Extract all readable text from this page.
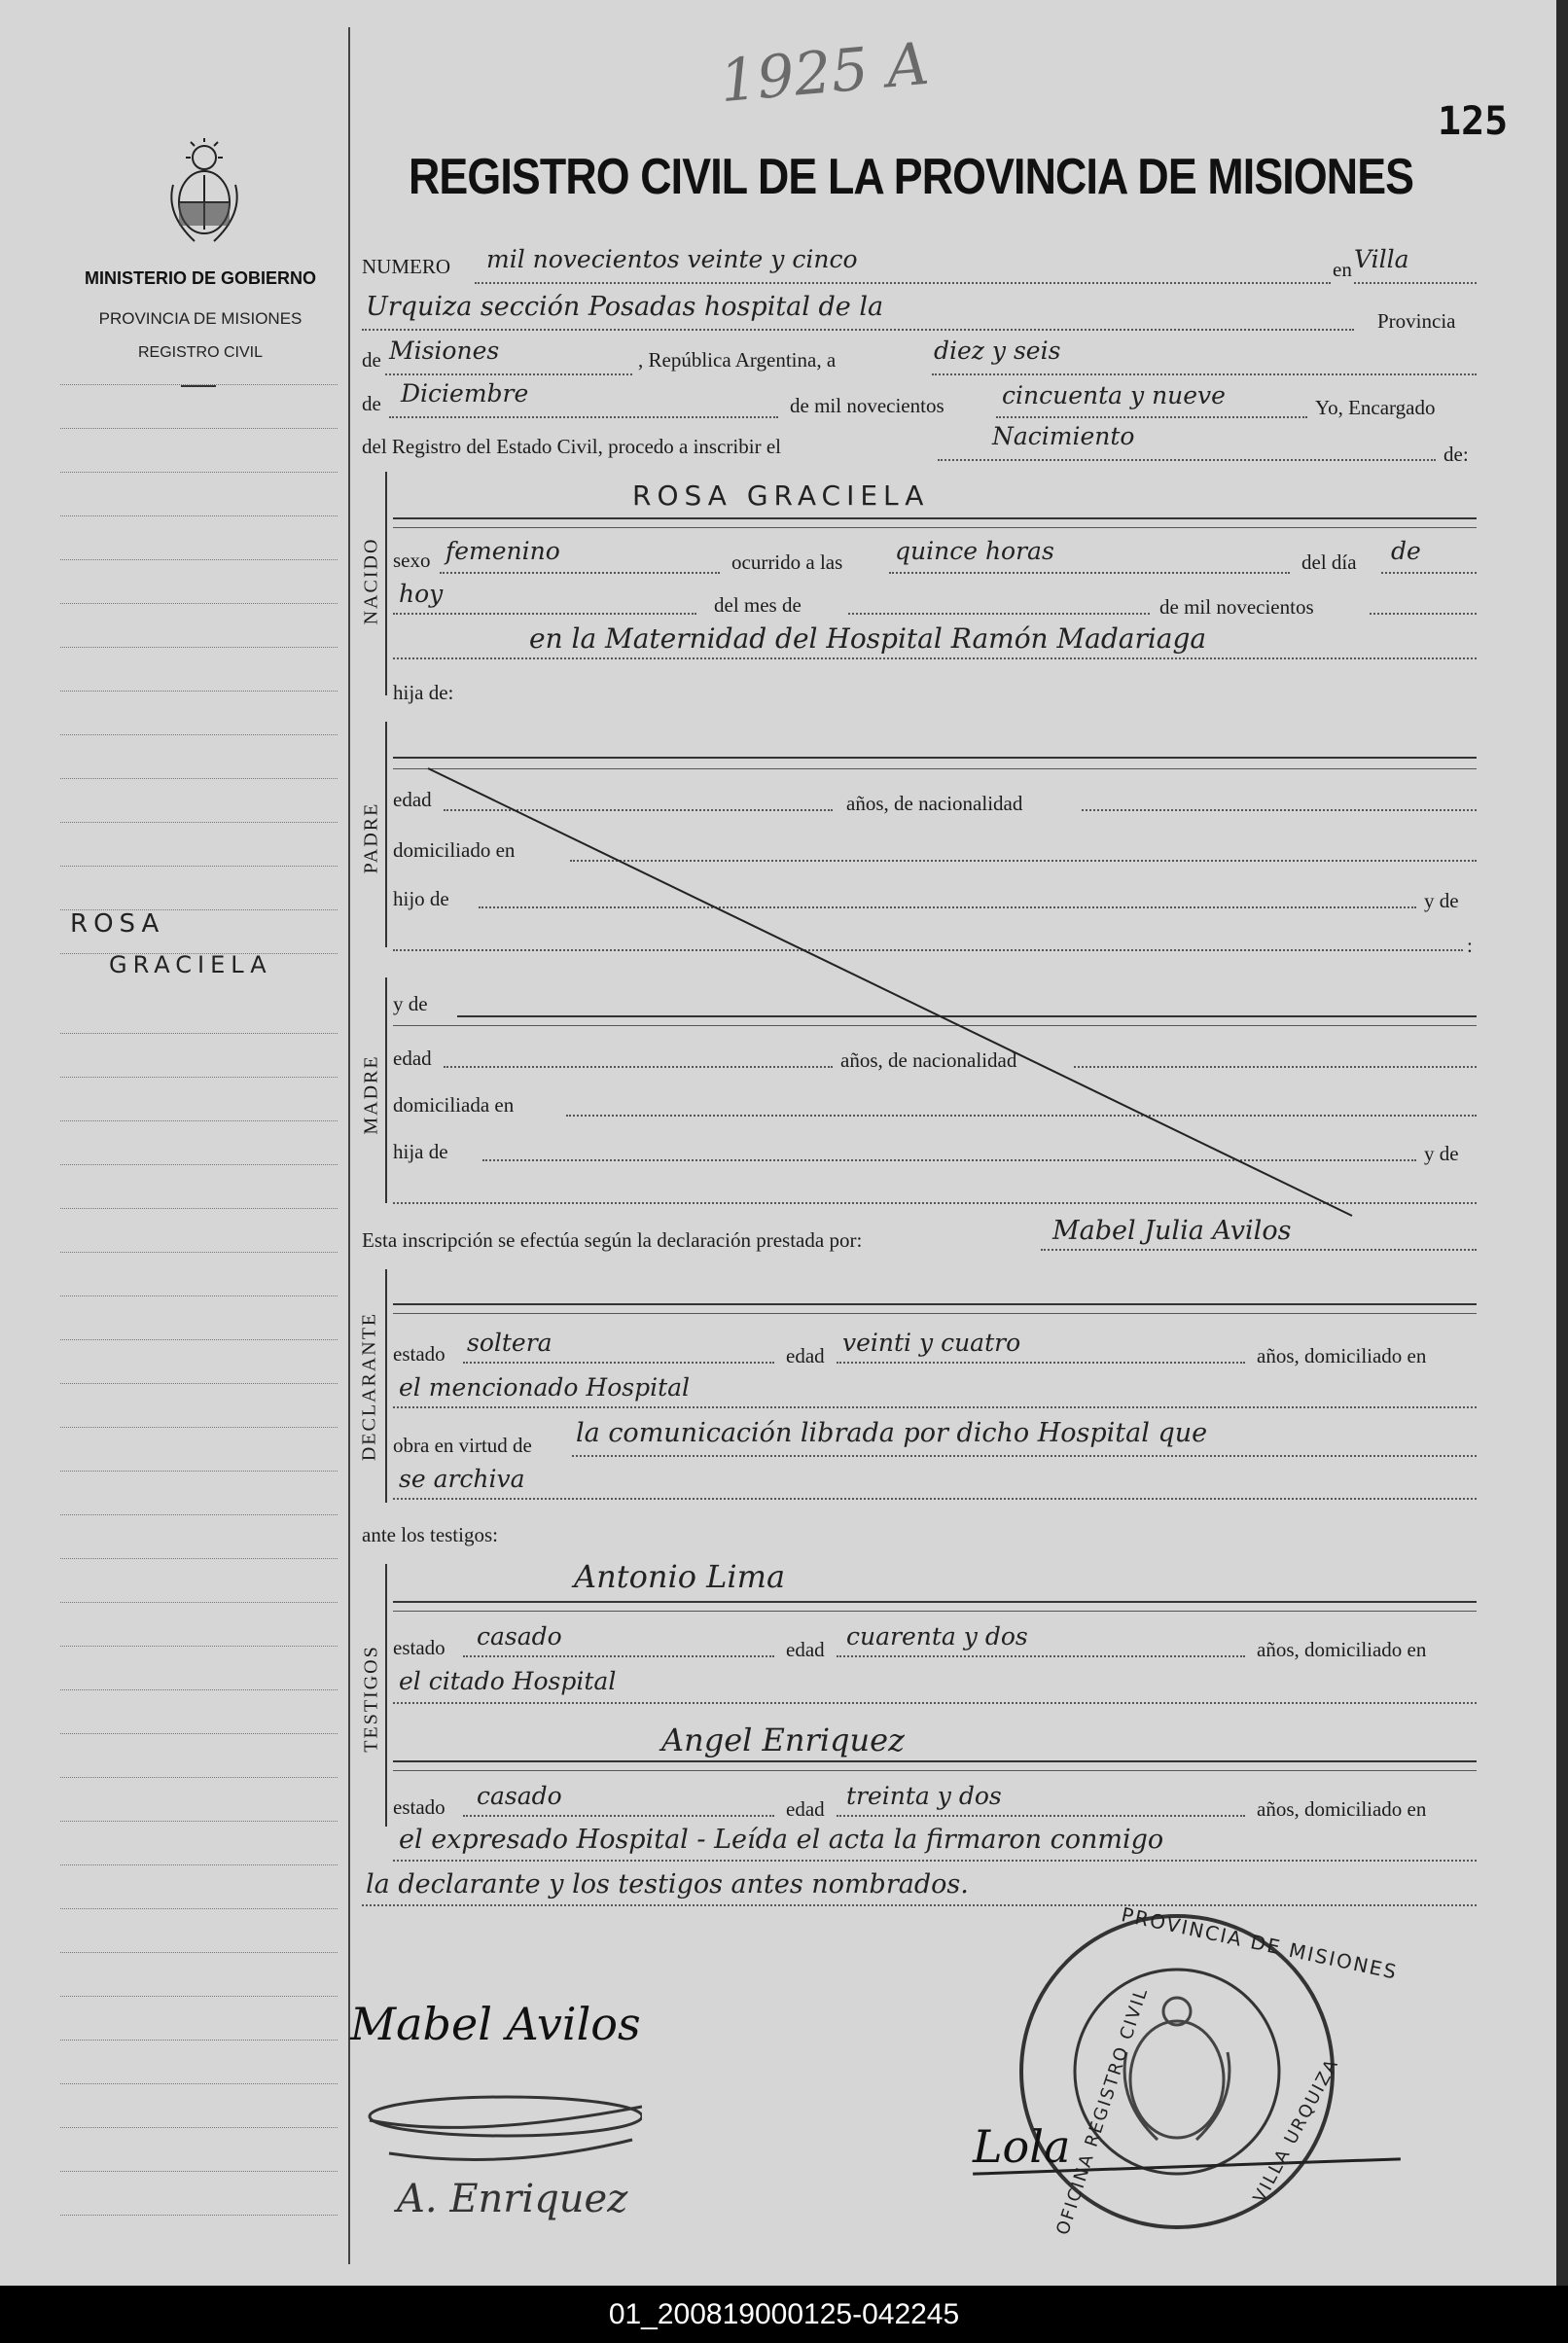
MINISTERIO DE GOBIERNO
PROVINCIA DE MISIONES
REGISTRO CIVIL
1925 A
125
REGISTRO CIVIL DE LA PROVINCIA DE MISIONES
ROSA
GRACIELA
NUMERO mil novecientos veinte y cinco	en Villa
Urquiza sección Posadas hospital de la	Provincia
de Misiones	, República Argentina, a	diez y seis
de Diciembre	de mil novecientos cincuenta y nueve	Yo, Encargado
del Registro del Estado Civil, procedo a inscribir el	Nacimiento
de:
NACIDO
ROSA GRACIELA
sexo femenino	ocurrido a las quince horas	del día de
hoy	del mes de	de mil novecientos
en la Maternidad del Hospital Ramón Madariaga
hija de:
PADRE
edad	años, de nacionalidad
domiciliado en
hijo de	y de
:
MADRE
y de
edad	años, de nacionalidad
domiciliada en
hija de	y de
Esta inscripción se efectúa según la declaración prestada por:	Mabel Julia Avilos
DECLARANTE estado soltera	edad veinti y cuatro	años, domiciliado en
el mencionado Hospital
obra en virtud de la comunicación librada por dicho Hospital que
se archiva
ante los testigos:
TESTIGOS
Antonio Lima
estado casado	edad cuarenta y dos	años, domiciliado en
el citado Hospital
Angel Enriquez
estado casado	edad treinta y dos	años, domiciliado en
el expresado Hospital - Leída el acta la firmaron conmigo
la declarante y los testigos antes nombrados.
PROVINCIA DE MISIONES
OFICINA REGISTRO CIVIL	VILLA URQUIZA
Lola
Mabel Avilos
A. Enriquez
01_200819000125-042245
